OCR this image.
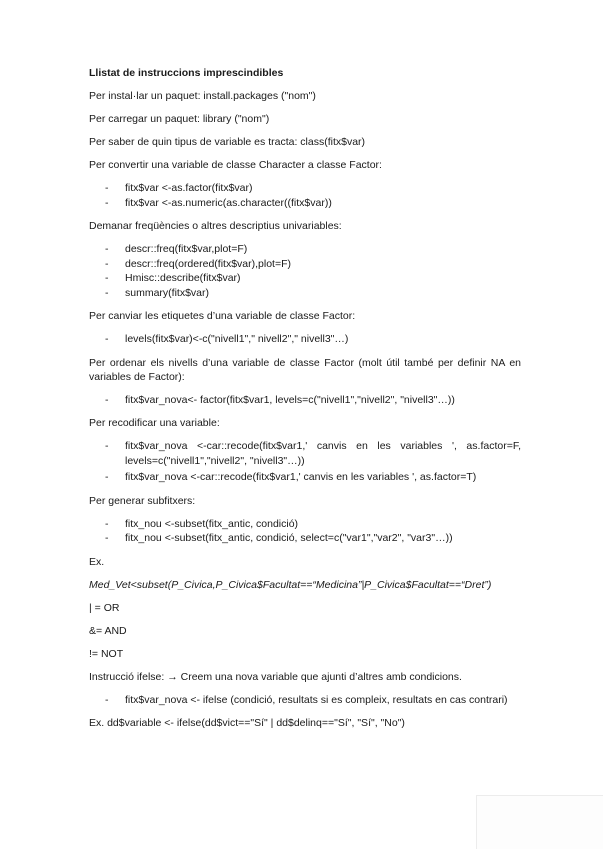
Llistat de instruccions imprescindibles

Per instal·lar un paquet: install.packages ("nom")

Per carregar un paquet: library ("nom")

Per saber de quin tipus de variable es tracta: class(fitx$var)

Per convertir una variable de classe Character a classe Factor:

- fitx$var <-as.factor(fitx$var)
- fitx$var <-as.numeric(as.character((fitx$var))

Demanar freqüències o altres descriptius univariables:

- descr::freq(fitx$var,plot=F)
- descr::freq(ordered(fitx$var),plot=F)
- Hmisc::describe(fitx$var)
- summary(fitx$var)

Per canviar les etiquetes d’una variable de classe Factor:

- levels(fitx$var)<-c("nivell1"," nivell2"," nivell3"…)

Per ordenar els nivells d’una variable de classe Factor (molt útil també per definir NA en variables de Factor):

- fitx$var_nova<- factor(fitx$var1, levels=c("nivell1","nivell2", "nivell3"…))

Per recodificar una variable:

- fitx$var_nova <-car::recode(fitx$var1,' canvis en les variables ', as.factor=F, levels=c("nivell1","nivell2", "nivell3"…))
- fitx$var_nova <-car::recode(fitx$var1,' canvis en les variables ', as.factor=T)

Per generar subfitxers:

- fitx_nou <-subset(fitx_antic, condició)
- fitx_nou <-subset(fitx_antic, condició, select=c("var1","var2", "var3"…))

Ex.

Med_Vet<subset(P_Civica,P_Civica$Facultat==“Medicina”|P_Civica$Facultat==“Dret”)

| = OR

&= AND

!= NOT

Instrucció ifelse: → Creem una nova variable que ajunti d’altres amb condicions.

- fitx$var_nova <- ifelse (condició, resultats si es compleix, resultats en cas contrari)

Ex. dd$variable <- ifelse(dd$vict=="Sí" | dd$delinq=="Sí", "Sí", "No")
